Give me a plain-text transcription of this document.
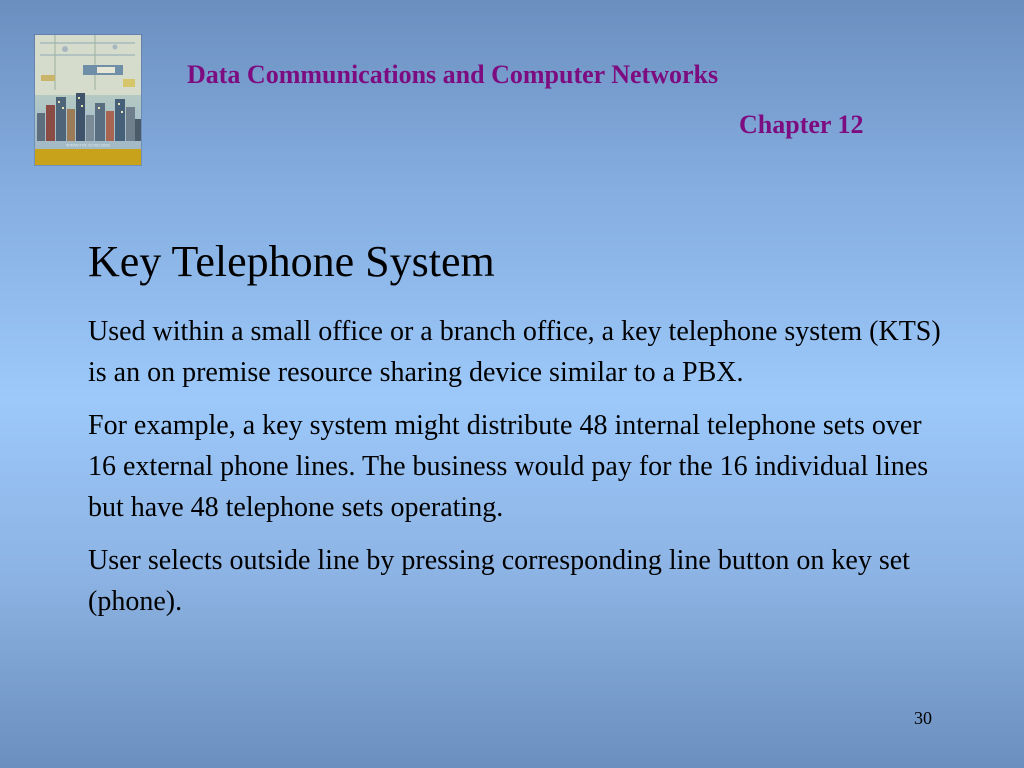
INTERACTIVE CD INCLUDED
Data Communications and Computer Networks
Chapter 12
Key Telephone System

Used within a small office or a branch office, a key telephone system (KTS) is an on premise resource sharing device similar to a PBX.

For example, a key system might distribute 48 internal telephone sets over 16 external phone lines. The business would pay for the 16 individual lines but have 48 telephone sets operating.

User selects outside line by pressing corresponding line button on key set (phone).

30
